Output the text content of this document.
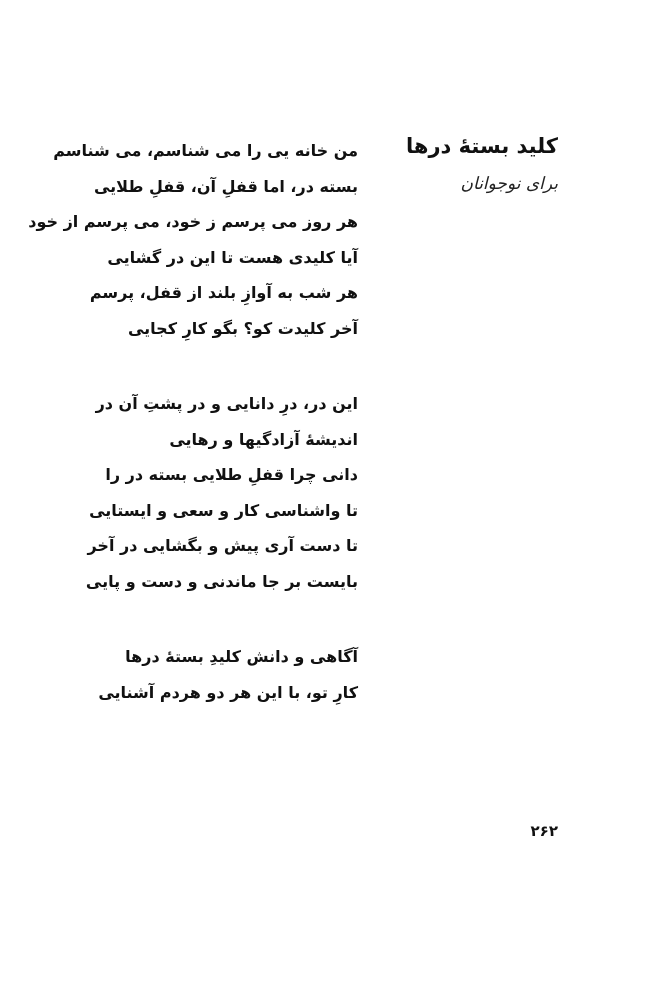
کلید بستهٔ درها
برای نوجوانان
من خانه یی را می شناسم، می شناسم
بسته در، اما قفلِ آن، قفلِ طلایی
هر روز می پرسم ز خود، می پرسم از خود
آیا کلیدی هست تا این در گشایی
هر شب به آوازِ بلند از قفل، پرسم
آخر کلیدت کو؟ بگو کارِ کجایی
این در، درِ دانایی و در پشتِ آن در
اندیشهٔ آزادگیها و رهایی
دانی چرا قفلِ طلایی بسته در را
تا واشناسی کار و سعی و ایستایی
تا دست آری پیش و بگشایی در آخر
بایست بر جا ماندنی و دست و پایی
آگاهی و دانش کلیدِ بستهٔ درها
کارِ تو، با این هر دو هردم آشنایی
۲۶۲
